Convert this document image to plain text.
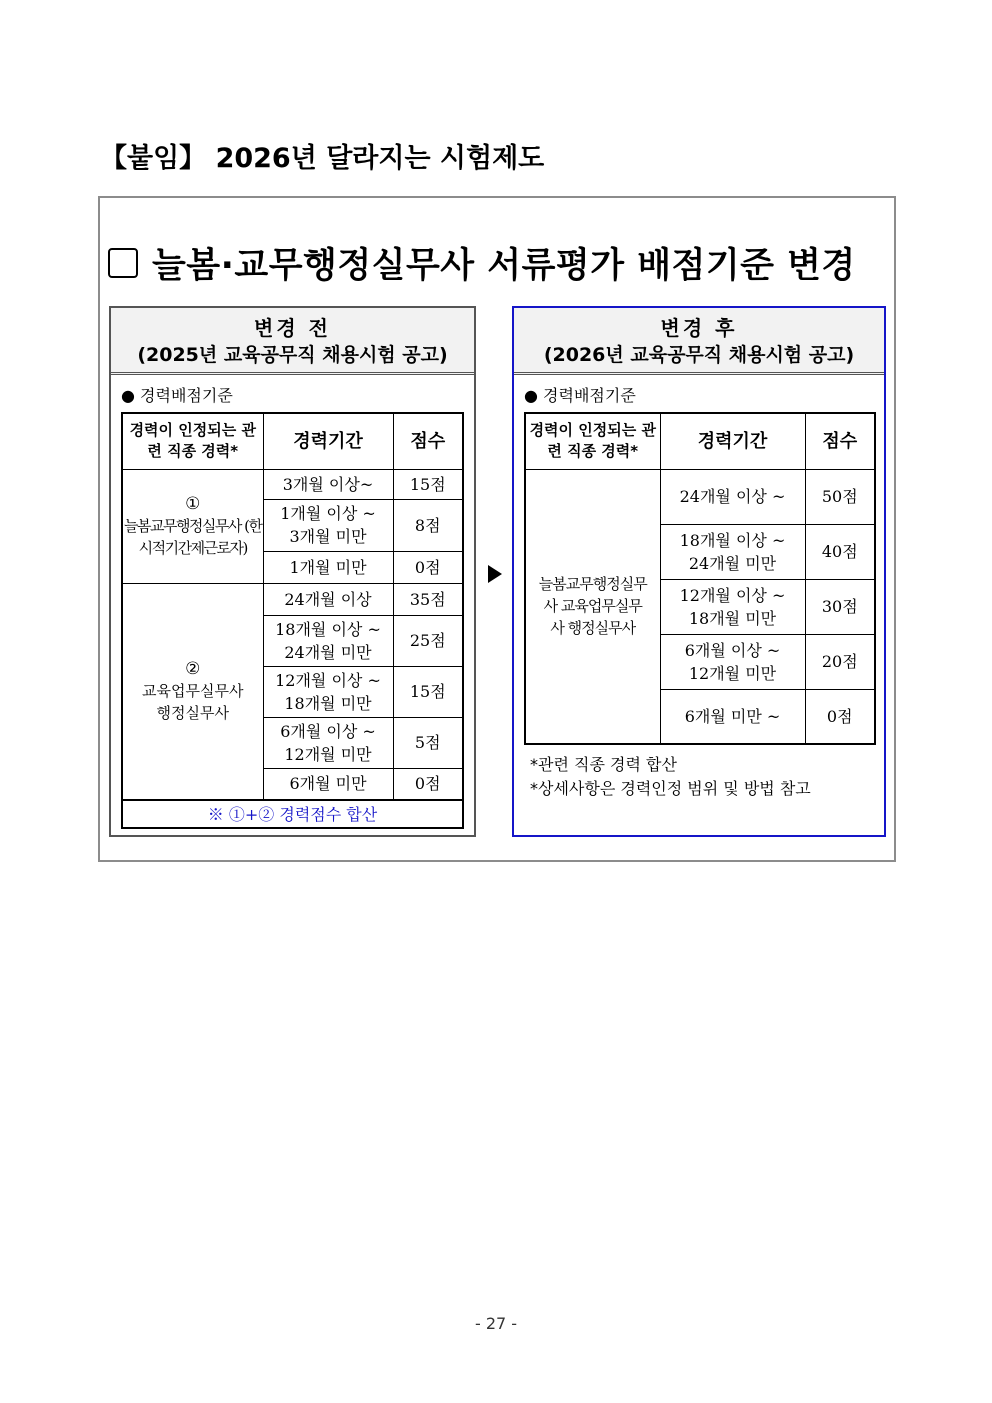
【붙임】 2026년 달라지는 시험제도
늘봄·교무행정실무사 서류평가 배점기준 변경
변경 전
(2025년 교육공무직 채용시험 공고)
● 경력배점기준
경력이 인정되는 관련 직종 경력*	경력기간	점수

①
늘봄교무행정실무사 (한시적기간제근로자)	3개월 이상~	15점
	1개월 이상 ~ 3개월 미만	8점
	1개월 미만	0점

②
교육업무실무사 행정실무사	24개월 이상	35점
	18개월 이상 ~ 24개월 미만	25점
	12개월 이상 ~ 18개월 미만	15점
	6개월 이상 ~ 12개월 미만	5점
	6개월 미만	0점
※ ①+② 경력점수 합산		
변경 후
(2026년 교육공무직 채용시험 공고)
● 경력배점기준
경력이 인정되는 관련 직종 경력*	경력기간	점수
늘봄교무행정실무사 교육업무실무사 행정실무사	24개월 이상 ~	50점
	18개월 이상 ~ 24개월 미만	40점
	12개월 이상 ~ 18개월 미만	30점
	6개월 이상 ~ 12개월 미만	20점
	6개월 미만 ~	0점
*관련 직종 경력 합산
*상세사항은 경력인정 범위 및 방법 참고
- 27 -
